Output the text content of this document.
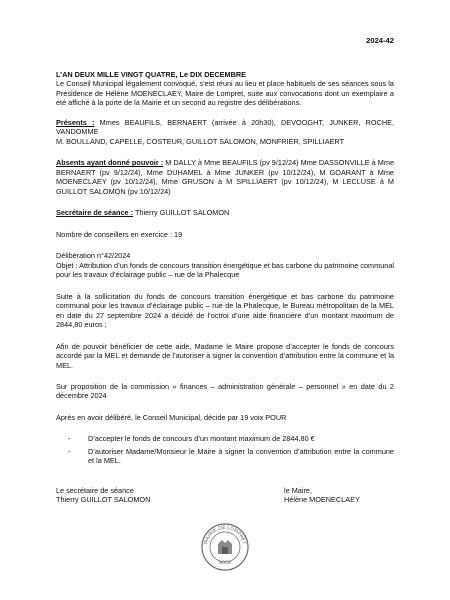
2024-42

L’AN DEUX MILLE VINGT QUATRE, Le DIX DECEMBRE

Le Conseil Municipal légalement convoqué, s’est réuni au lieu et place habituels de ses séances sous la Présidence de Hélène MOENECLAEY, Maire de Lompret, suite aux convocations dont un exemplaire a été affiché à la porte de la Mairie et un second au registre des délibérations.

Présents : Mmes BEAUFILS, BERNAERT (arrivée à 20h30), DEVOOGHT, JUNKER, ROCHE, VANDOMME
M. BOULLAND, CAPELLE, COSTEUR, GUILLOT SALOMON, MONFRIER, SPILLIAERT

Absents ayant donné pouvoir : M DALLY à Mme BEAUFILS (pv 9/12/24) Mme DASSONVILLE à Mme BERNAERT (pv 9/12/24), Mme DUHAMEL à Mme JUNKER (pv 10/12/24), M GOARANT à Mme MOENECLAEY (pv 10/12/24), Mme GRUSON à M SPILLIAERT (pv 10/12/24), M LECLUSE à M GUILLOT SALOMON (pv 10/12/24)

Secrétaire de séance : Thierry GUILLOT SALOMON

Nombre de conseillers en exercice : 19

Délibération n°42/2024

Objet : Attribution d’un fonds de concours transition énergétique et bas carbone du patrimoine communal pour les travaux d’éclairage public – rue de la Phalecque

Suite à la sollicitation du fonds de concours transition énergétique et bas carbone du patrimoine communal pour les travaux d’éclairage public – rue de la Phalecque, le Bureau métropolitain de la MEL en date du 27 septembre 2024 a décidé de l’octroi d’une aide financière d’un montant maximum de 2844,80 euros ;

Afin de pouvoir bénéficier de cette aide, Madame le Maire propose d’accepter le fonds de concours accordé par la MEL et demande de l’autoriser à signer la convention d’attribution entre la commune et la MEL.

Sur proposition de la commission « finances – administration générale – personnel » en date du 2 décembre 2024

Après en avoir délibéré, le Conseil Municipal, décide par 19 voix POUR

- D’accepter le fonds de concours d’un montant maximum de 2844,80 €
- D’autoriser Madame/Monsieur le Maire à signer la convention d’attribution entre la commune et la MEL.
Le secrétaire de séance
Thierry GUILLOT SALOMON
le Maire,
Hélène MOENECLAEY
MAIRIE DE LOMPRET
NORD
